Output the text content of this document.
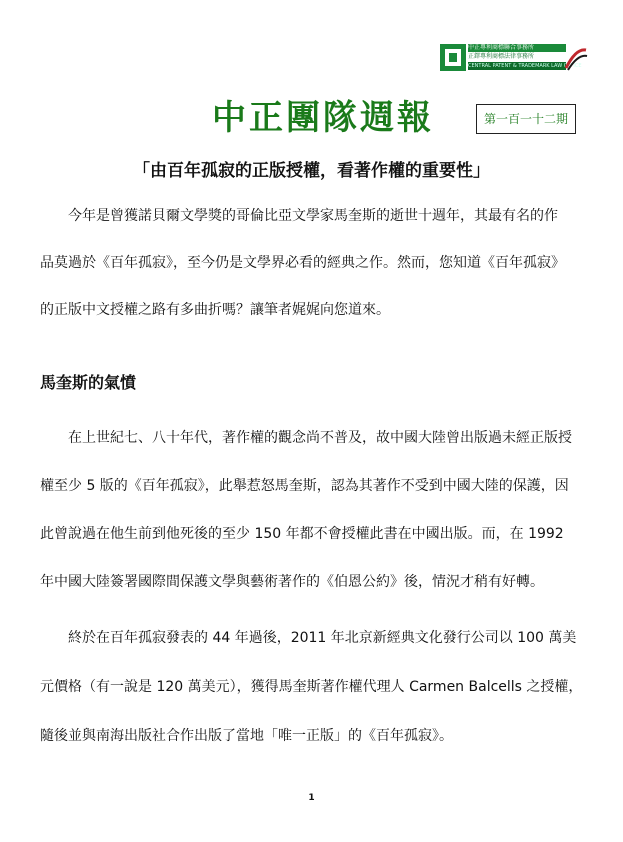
中正專利商標聯合事務所
正鐸專利商標法律事務所
CENTRAL PATENT & TRADEMARK LAW OFFICE
中正團隊週報	第一百一十二期
「由百年孤寂的正版授權，看著作權的重要性」
今年是曾獲諾貝爾文學獎的哥倫比亞文學家馬奎斯的逝世十週年，其最有名的作
品莫過於《百年孤寂》，至今仍是文學界必看的經典之作。然而，您知道《百年孤寂》
的正版中文授權之路有多曲折嗎？讓筆者娓娓向您道來。
馬奎斯的氣憤
在上世紀七、八十年代，著作權的觀念尚不普及，故中國大陸曾出版過未經正版授
權至少 5 版的《百年孤寂》，此舉惹怒馬奎斯，認為其著作不受到中國大陸的保護，因
此曾說過在他生前到他死後的至少 150 年都不會授權此書在中國出版。而，在 1992
年中國大陸簽署國際間保護文學與藝術著作的《伯恩公約》後，情況才稍有好轉。
終於在百年孤寂發表的 44 年過後，2011 年北京新經典文化發行公司以 100 萬美
元價格（有一說是 120 萬美元），獲得馬奎斯著作權代理人 Carmen Balcells 之授權，
隨後並與南海出版社合作出版了當地「唯一正版」的《百年孤寂》。
1
